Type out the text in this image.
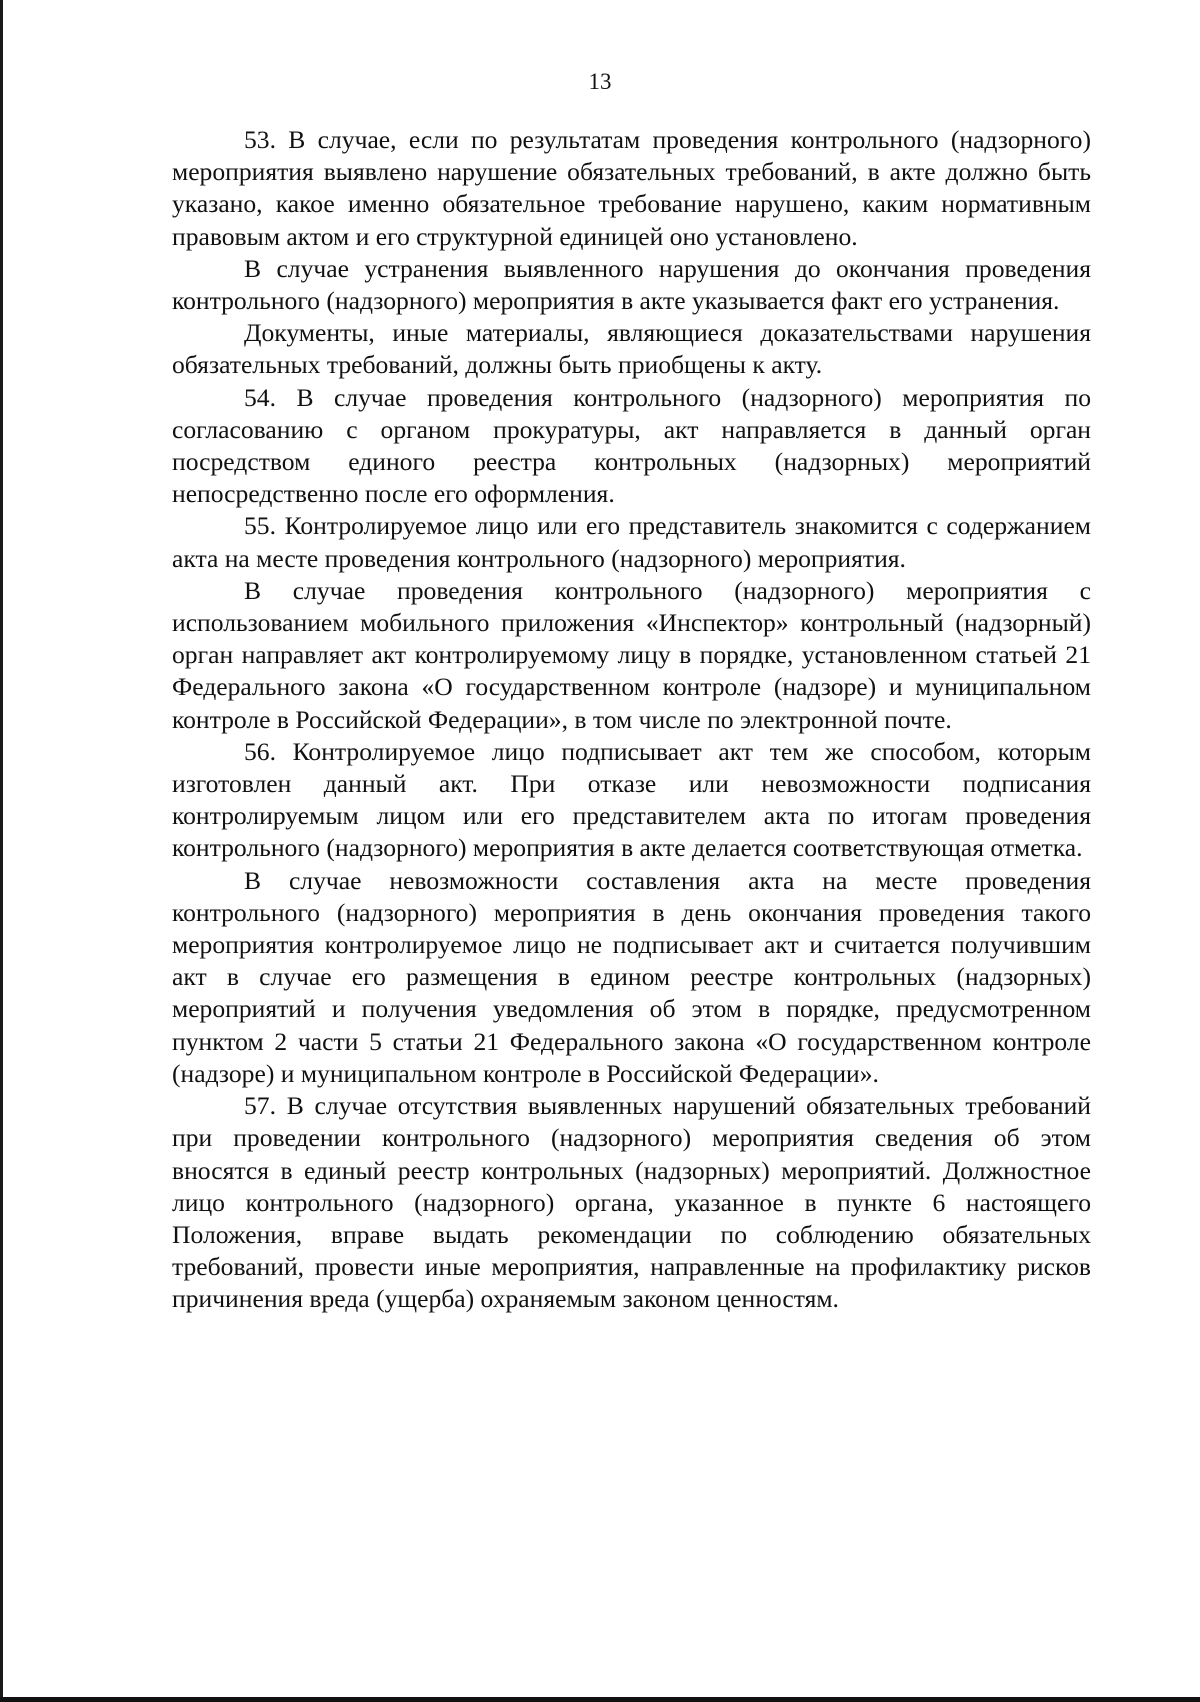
13

53. В случае, если по результатам проведения контрольного (надзорного) мероприятия выявлено нарушение обязательных требований, в акте должно быть указано, какое именно обязательное требование нарушено, каким нормативным правовым актом и его структурной единицей оно установлено.

В случае устранения выявленного нарушения до окончания проведения контрольного (надзорного) мероприятия в акте указывается факт его устранения.

Документы, иные материалы, являющиеся доказательствами нарушения обязательных требований, должны быть приобщены к акту.

54. В случае проведения контрольного (надзорного) мероприятия по согласованию с органом прокуратуры, акт направляется в данный орган посредством единого реестра контрольных (надзорных) мероприятий непосредственно после его оформления.

55. Контролируемое лицо или его представитель знакомится с содержанием акта на месте проведения контрольного (надзорного) мероприятия.

В случае проведения контрольного (надзорного) мероприятия с использованием мобильного приложения «Инспектор» контрольный (надзорный) орган направляет акт контролируемому лицу в порядке, установленном статьей 21 Федерального закона «О государственном контроле (надзоре) и муниципальном контроле в Российской Федерации», в том числе по электронной почте.

56. Контролируемое лицо подписывает акт тем же способом, которым изготовлен данный акт. При отказе или невозможности подписания контролируемым лицом или его представителем акта по итогам проведения контрольного (надзорного) мероприятия в акте делается соответствующая отметка.

В случае невозможности составления акта на месте проведения контрольного (надзорного) мероприятия в день окончания проведения такого мероприятия контролируемое лицо не подписывает акт и считается получившим акт в случае его размещения в едином реестре контрольных (надзорных) мероприятий и получения уведомления об этом в порядке, предусмотренном пунктом 2 части 5 статьи 21 Федерального закона «О государственном контроле (надзоре) и муниципальном контроле в Российской Федерации».

57. В случае отсутствия выявленных нарушений обязательных требований при проведении контрольного (надзорного) мероприятия сведения об этом вносятся в единый реестр контрольных (надзорных) мероприятий. Должностное лицо контрольного (надзорного) органа, указанное в пункте 6 настоящего Положения, вправе выдать рекомендации по соблюдению обязательных требований, провести иные мероприятия, направленные на профилактику рисков причинения вреда (ущерба) охраняемым законом ценностям.
